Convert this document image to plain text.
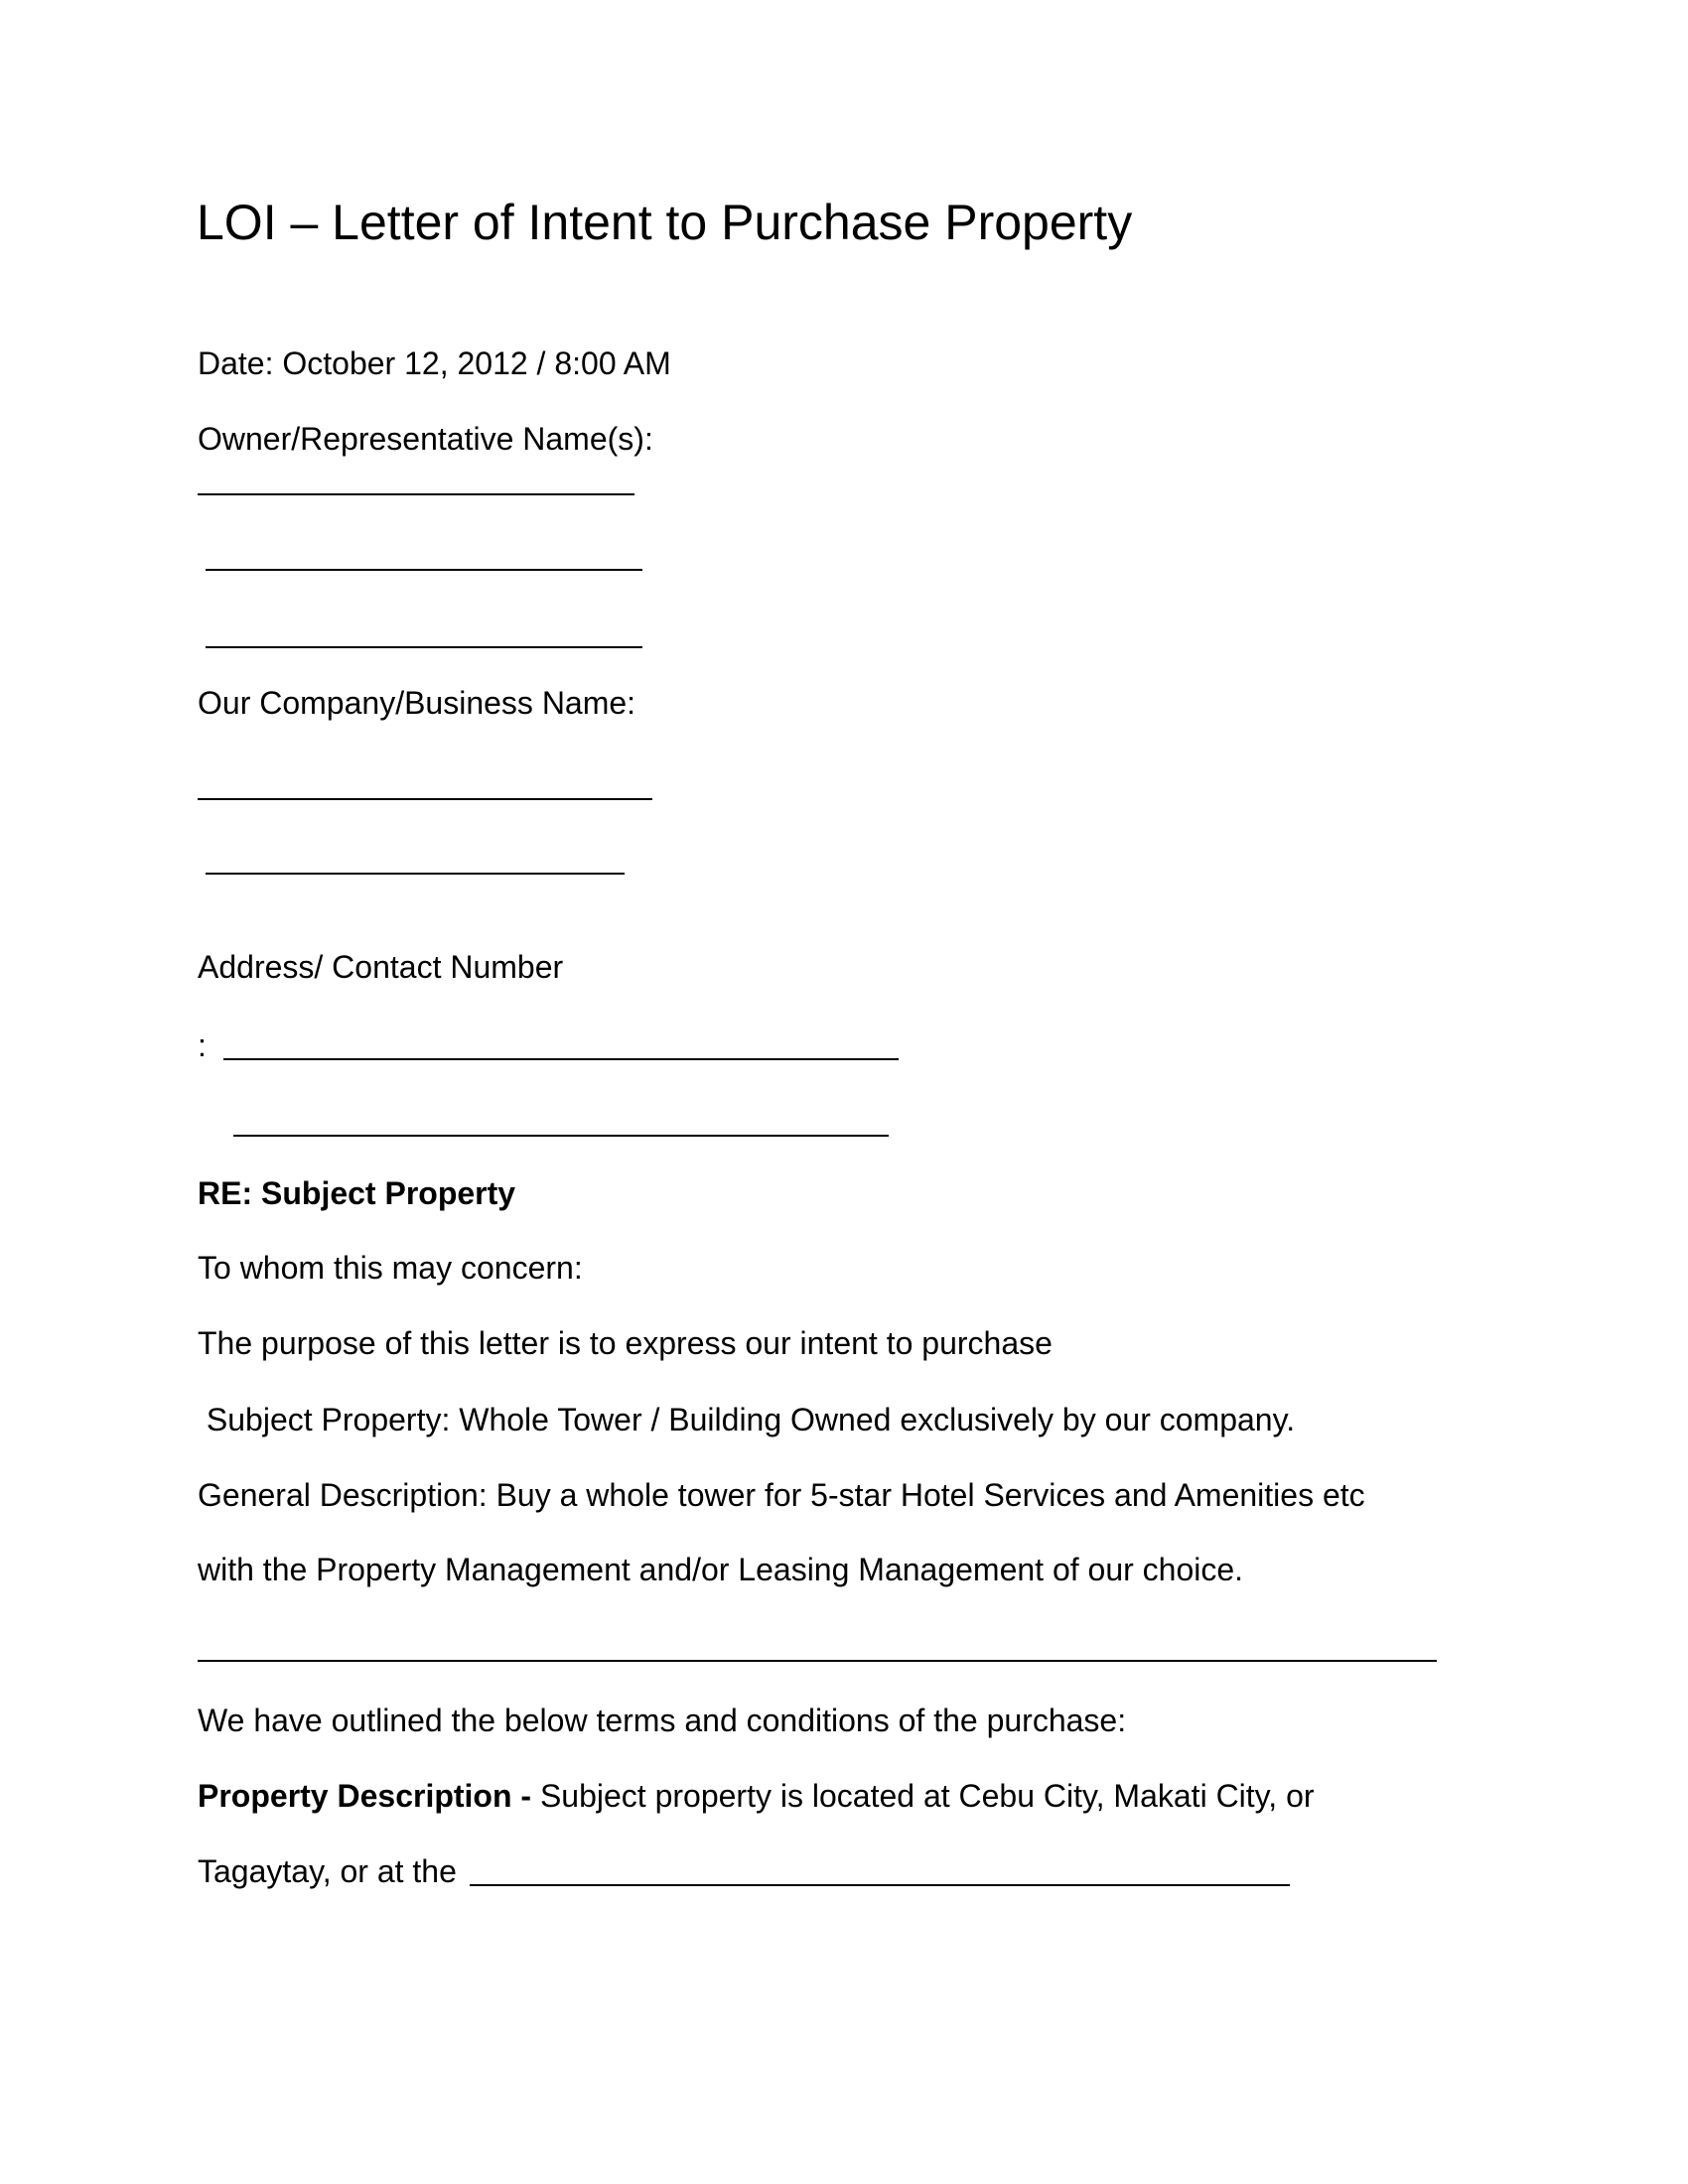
LOI – Letter of Intent to Purchase Property
Date: October 12, 2012 / 8:00 AM
Owner/Representative Name(s):
Our Company/Business Name:
Address/ Contact Number
:
RE: Subject Property
To whom this may concern:
The purpose of this letter is to express our intent to purchase
Subject Property: Whole Tower / Building Owned exclusively by our company.
General Description: Buy a whole tower for 5-star Hotel Services and Amenities etc
with the Property Management and/or Leasing Management of our choice.
We have outlined the below terms and conditions of the purchase:
Property Description - Subject property is located at Cebu City, Makati City, or
Tagaytay, or at the
